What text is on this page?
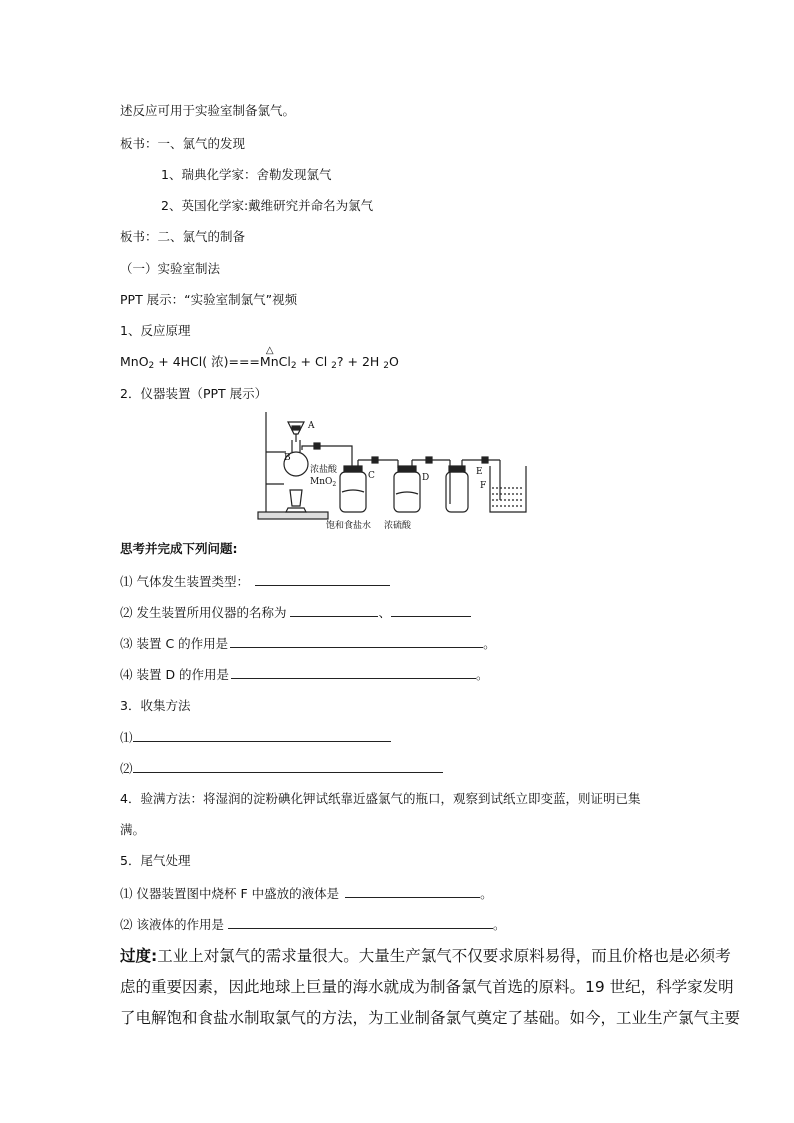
述反应可用于实验室制备氯气。
板书：一、氯气的发现
1、瑞典化学家：舍勒发现氯气
2、英国化学家:戴维研究并命名为氯气
板书：二、氯气的制备
（一）实验室制法
PPT 展示：“实验室制氯气”视频
1、反应原理
MnO$_2$ + 4HCl( 浓)===
△
MnCl$_2$ + Cl $_2$? + 2H $_2$O
2．仪器装置（PPT 展示）
A
B
浓盐酸
MnO$_2$
C	D
E
F
饱和食盐水 浓硫酸
思考并完成下列问题:
⑴ 气体发生装置类型：
⑵ 发生装置所用仪器的名称为	、
⑶ 装置 C 的作用是	。
⑷ 装置 D 的作用是	。
3．收集方法
⑴
⑵
4．验满方法：将湿润的淀粉碘化钾试纸靠近盛氯气的瓶口，观察到试纸立即变蓝，则证明已集
满。
5．尾气处理
⑴ 仪器装置图中烧杯 F 中盛放的液体是	。
⑵ 该液体的作用是	。
过度:工业上对氯气的需求量很大。大量生产氯气不仅要求原料易得，而且价格也是必须考
虑的重要因素，因此地球上巨量的海水就成为制备氯气首选的原料。19 世纪，科学家发明
了电解饱和食盐水制取氯气的方法，为工业制备氯气奠定了基础。如今，工业生产氯气主要
